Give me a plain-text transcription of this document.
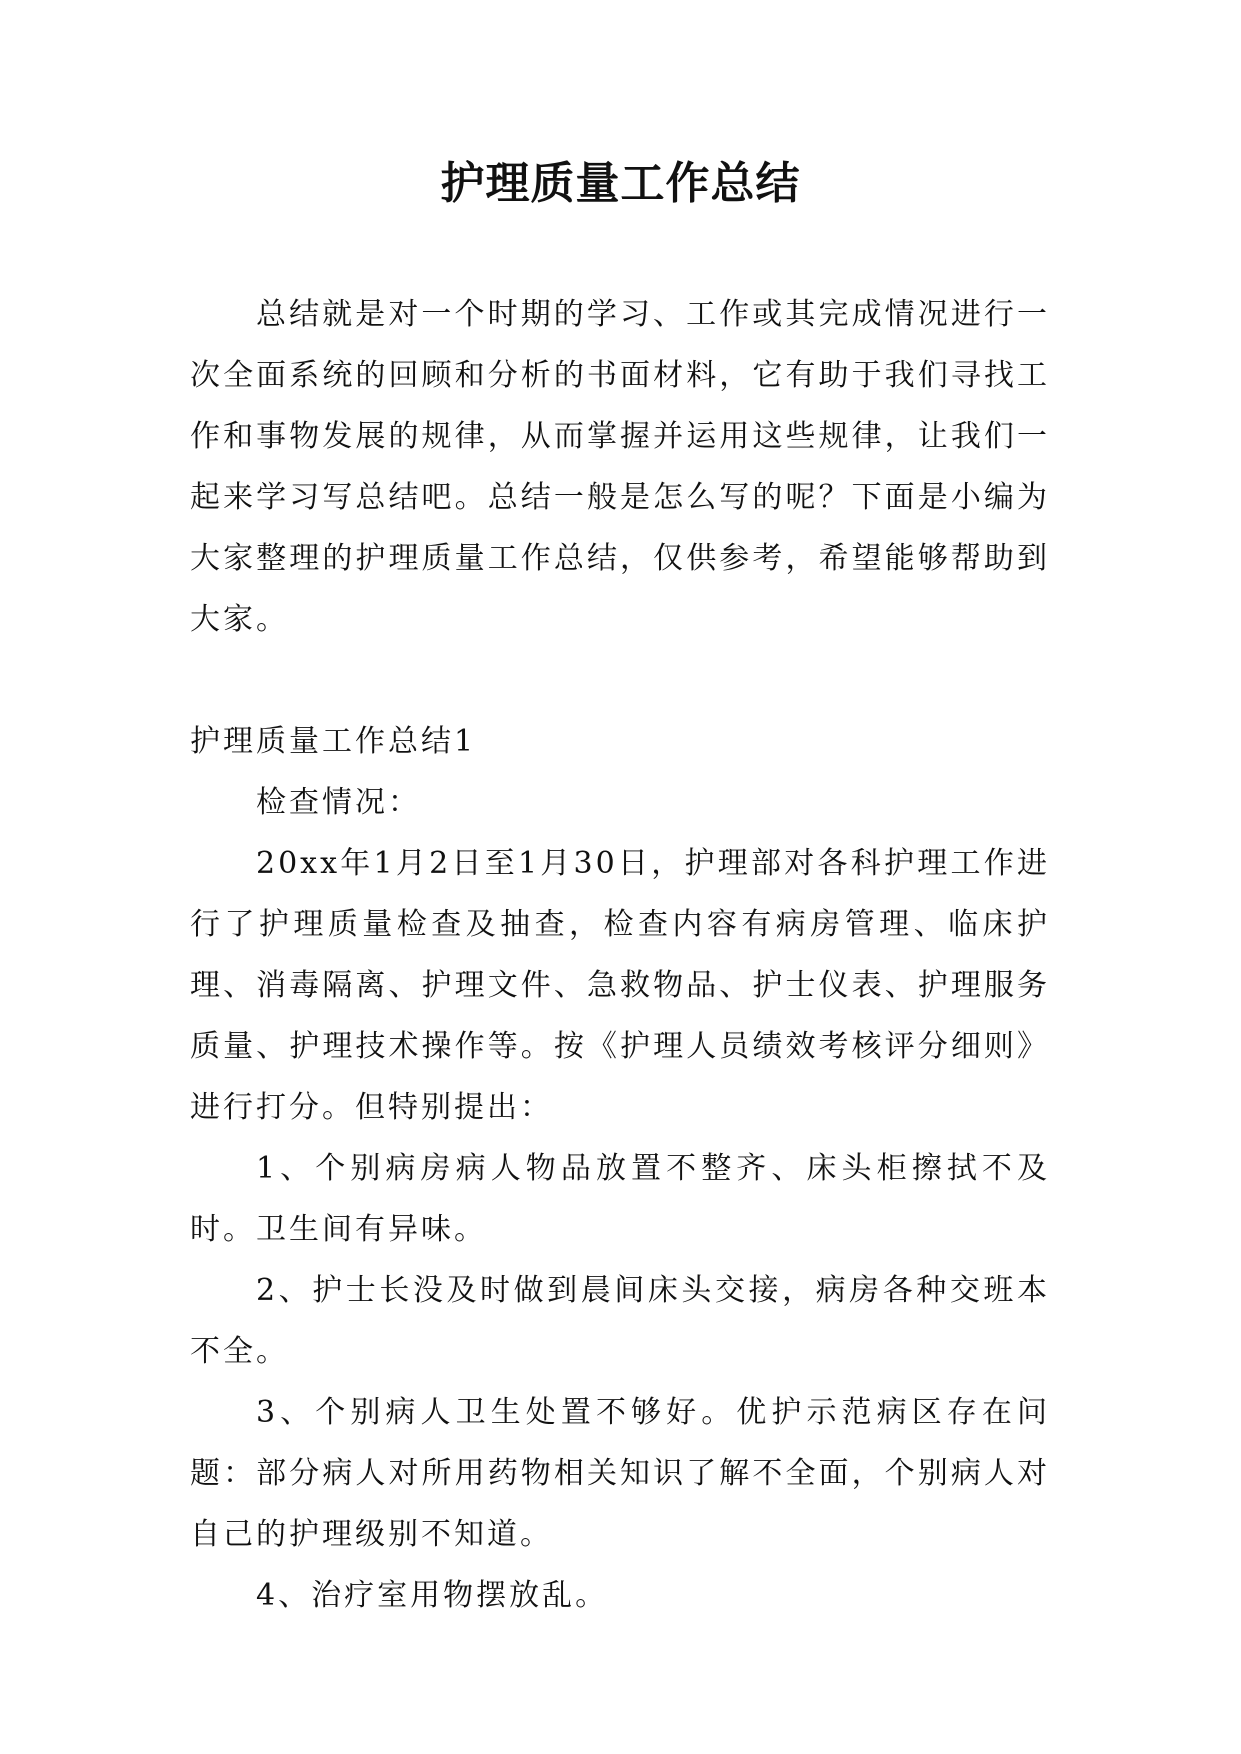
护理质量工作总结

总结就是对一个时期的学习、工作或其完成情况进行一次全面系统的回顾和分析的书面材料，它有助于我们寻找工作和事物发展的规律，从而掌握并运用这些规律，让我们一起来学习写总结吧。总结一般是怎么写的呢？下面是小编为大家整理的护理质量工作总结，仅供参考，希望能够帮助到大家。

护理质量工作总结1

检查情况：

20xx年1月2日至1月30日，护理部对各科护理工作进行了护理质量检查及抽查，检查内容有病房管理、临床护理、消毒隔离、护理文件、急救物品、护士仪表、护理服务质量、护理技术操作等。按《护理人员绩效考核评分细则》进行打分。但特别提出：

1、个别病房病人物品放置不整齐、床头柜擦拭不及时。卫生间有异味。

2、护士长没及时做到晨间床头交接，病房各种交班本不全。

3、个别病人卫生处置不够好。优护示范病区存在问题：部分病人对所用药物相关知识了解不全面，个别病人对自己的护理级别不知道。

4、治疗室用物摆放乱。
